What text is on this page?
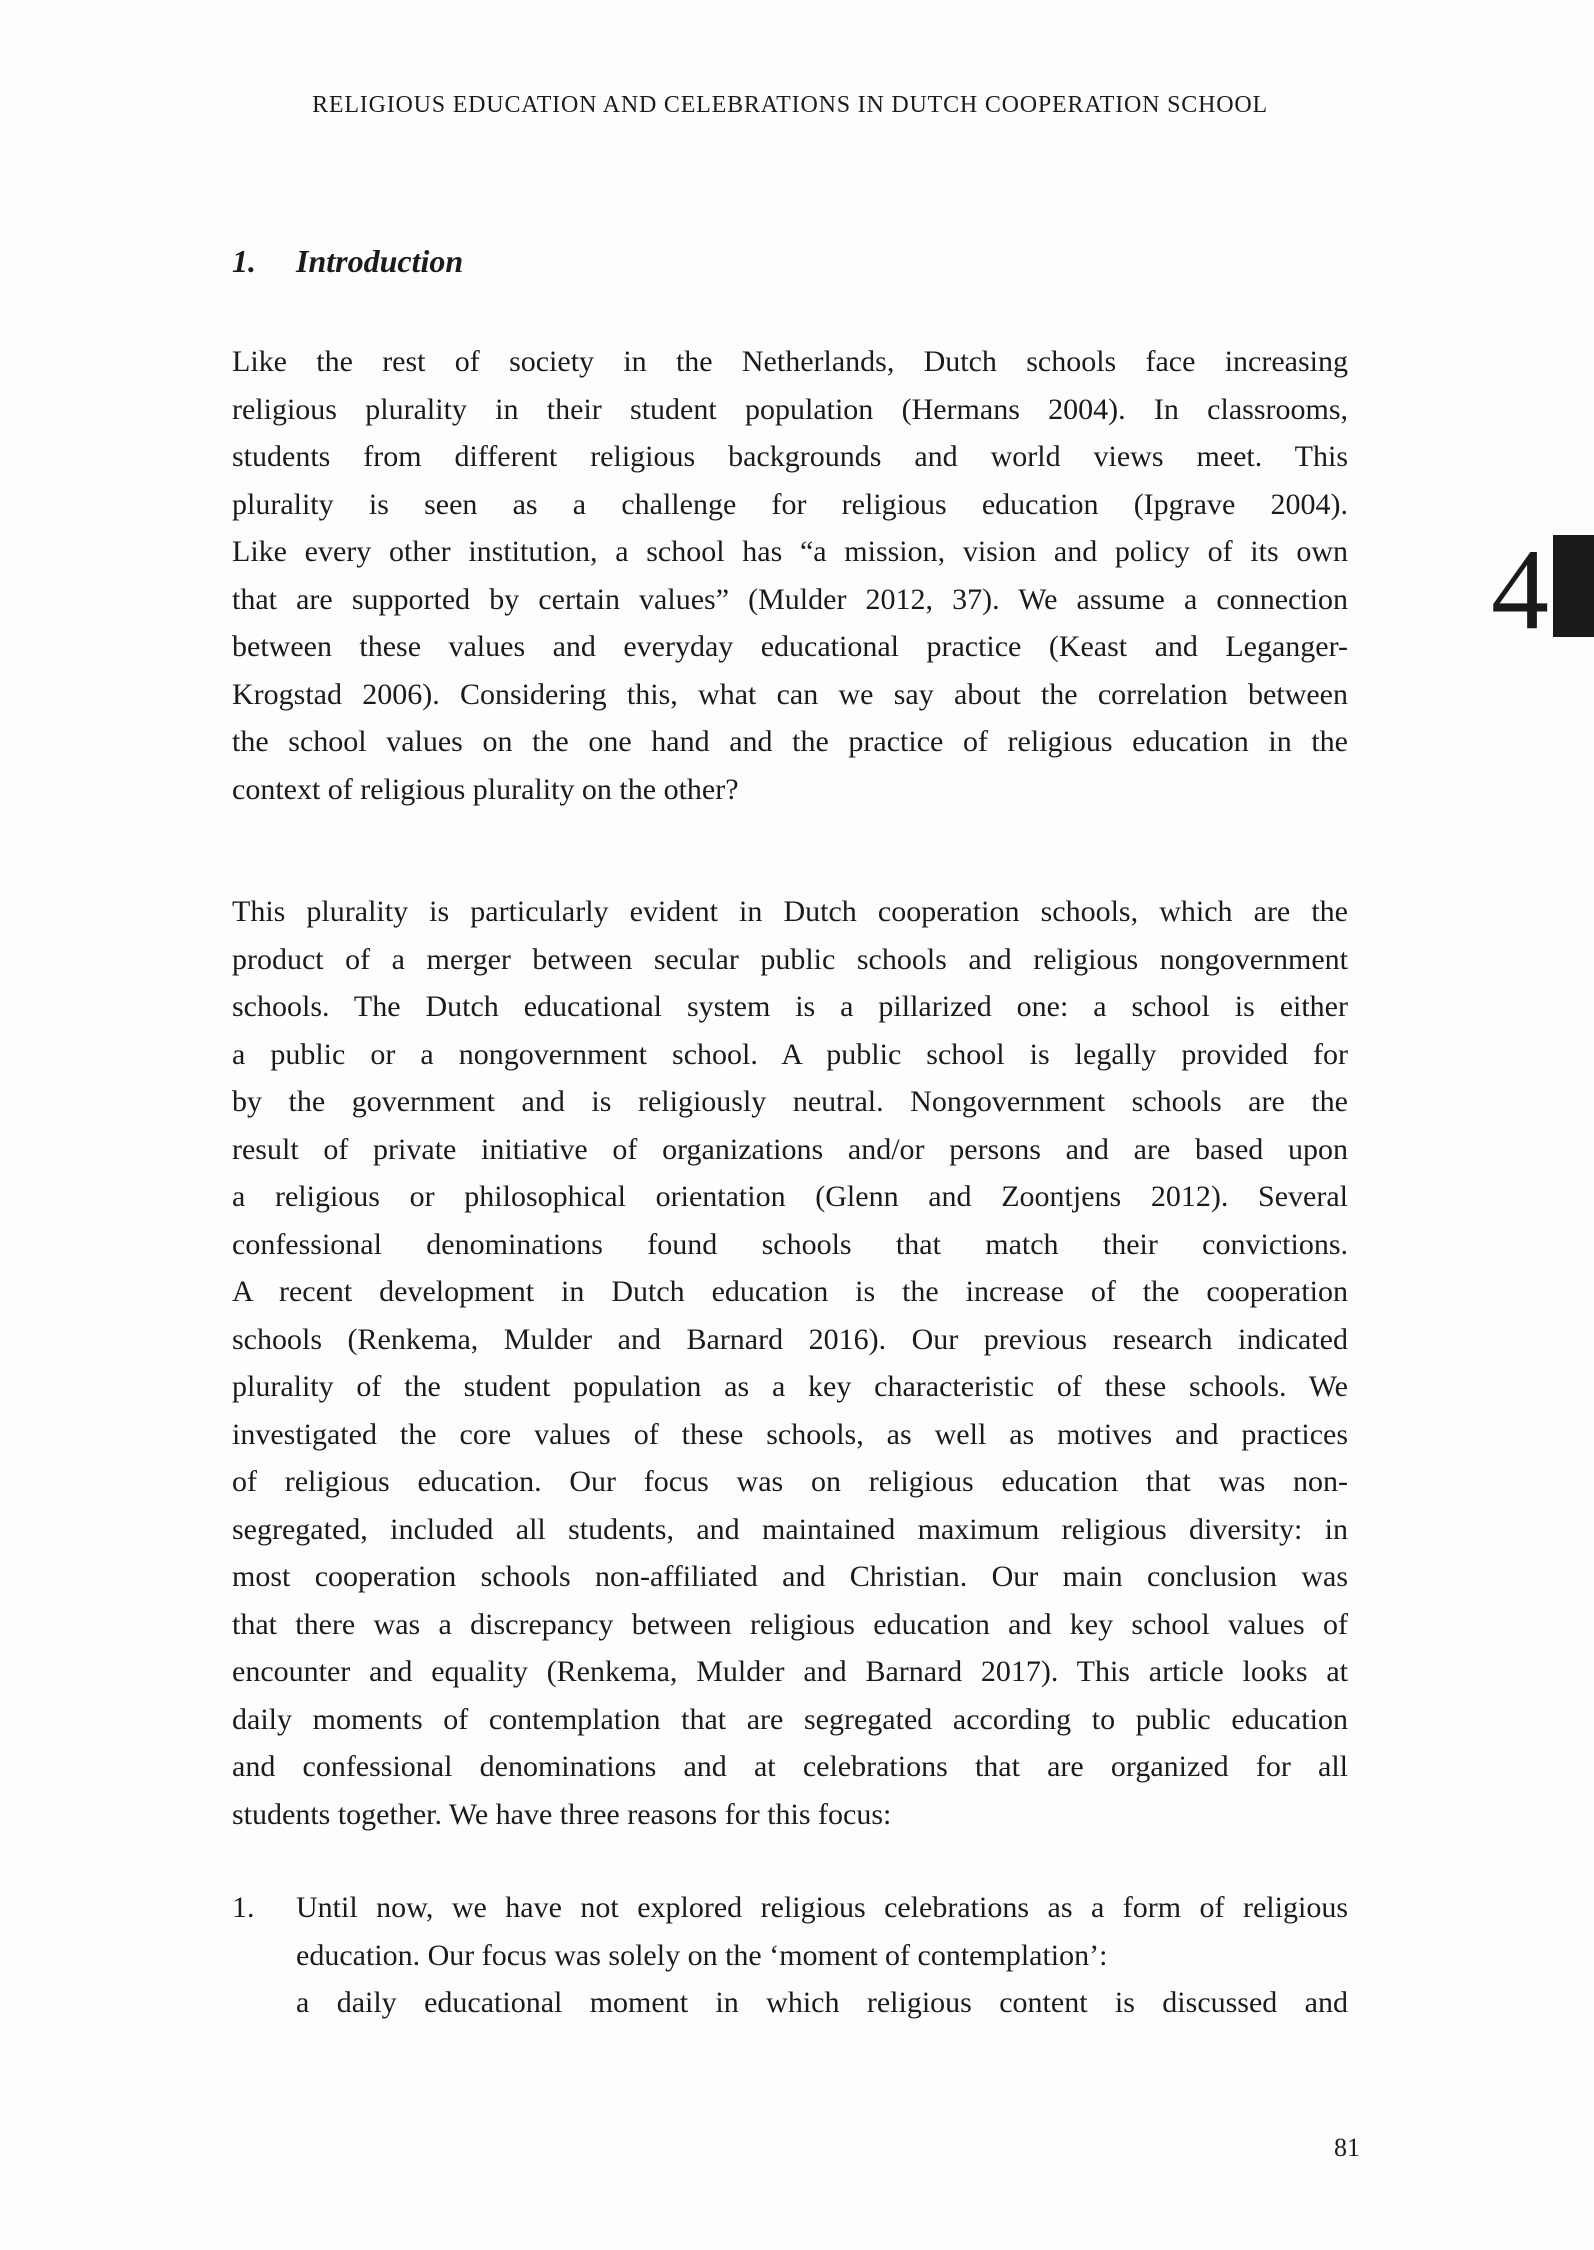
RELIGIOUS EDUCATION AND CELEBRATIONS IN DUTCH COOPERATION SCHOOL
4
1.	Introduction
Like the rest of society in the Netherlands, Dutch schools face increasing
religious plurality in their student population (Hermans 2004). In classrooms,
students from different religious backgrounds and world views meet. This
plurality is seen as a challenge for religious education (Ipgrave 2004).
Like every other institution, a school has “a mission, vision and policy of its own
that are supported by certain values” (Mulder 2012, 37). We assume a connection
between these values and everyday educational practice (Keast and Leganger-
Krogstad 2006). Considering this, what can we say about the correlation between
the school values on the one hand and the practice of religious education in the
context of religious plurality on the other?
This plurality is particularly evident in Dutch cooperation schools, which are the
product of a merger between secular public schools and religious nongovernment
schools. The Dutch educational system is a pillarized one: a school is either
a public or a nongovernment school. A public school is legally provided for
by the government and is religiously neutral. Nongovernment schools are the
result of private initiative of organizations and/or persons and are based upon
a religious or philosophical orientation (Glenn and Zoontjens 2012). Several
confessional denominations found schools that match their convictions.
A recent development in Dutch education is the increase of the cooperation
schools (Renkema, Mulder and Barnard 2016). Our previous research indicated
plurality of the student population as a key characteristic of these schools. We
investigated the core values of these schools, as well as motives and practices
of religious education. Our focus was on religious education that was non-
segregated, included all students, and maintained maximum religious diversity: in
most cooperation schools non-affiliated and Christian. Our main conclusion was
that there was a discrepancy between religious education and key school values of
encounter and equality (Renkema, Mulder and Barnard 2017). This article looks at
daily moments of contemplation that are segregated according to public education
and confessional denominations and at celebrations that are organized for all
students together. We have three reasons for this focus:
1.	Until now, we have not explored religious celebrations as a form of religious
education. Our focus was solely on the ‘moment of contemplation’:
a daily educational moment in which religious content is discussed and
81
